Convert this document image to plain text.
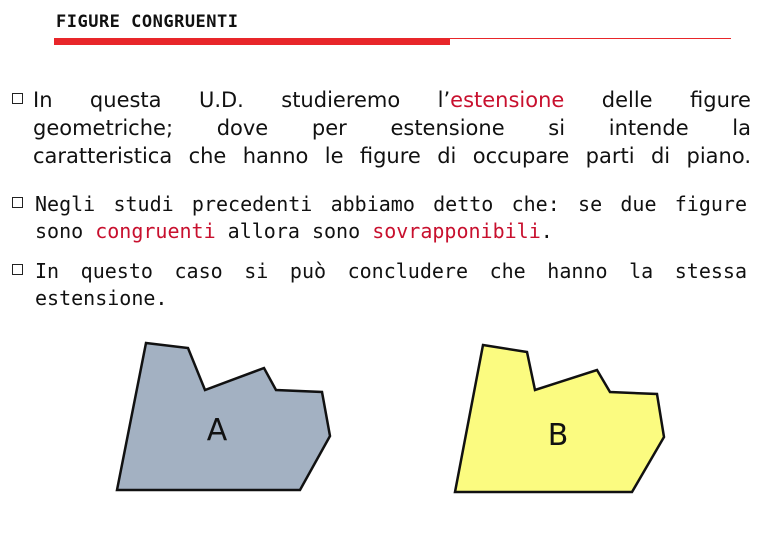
FIGURE CONGRUENTI
In questa U.D. studieremo l’estensione delle figure
geometriche; dove per estensione si intende la
caratteristica che hanno le figure di occupare parti di piano.
Negli studi precedenti abbiamo detto che: se due figure
sono congruenti allora sono sovrapponibili.
In questo caso si può concludere che hanno la stessa
estensione.
A	B
